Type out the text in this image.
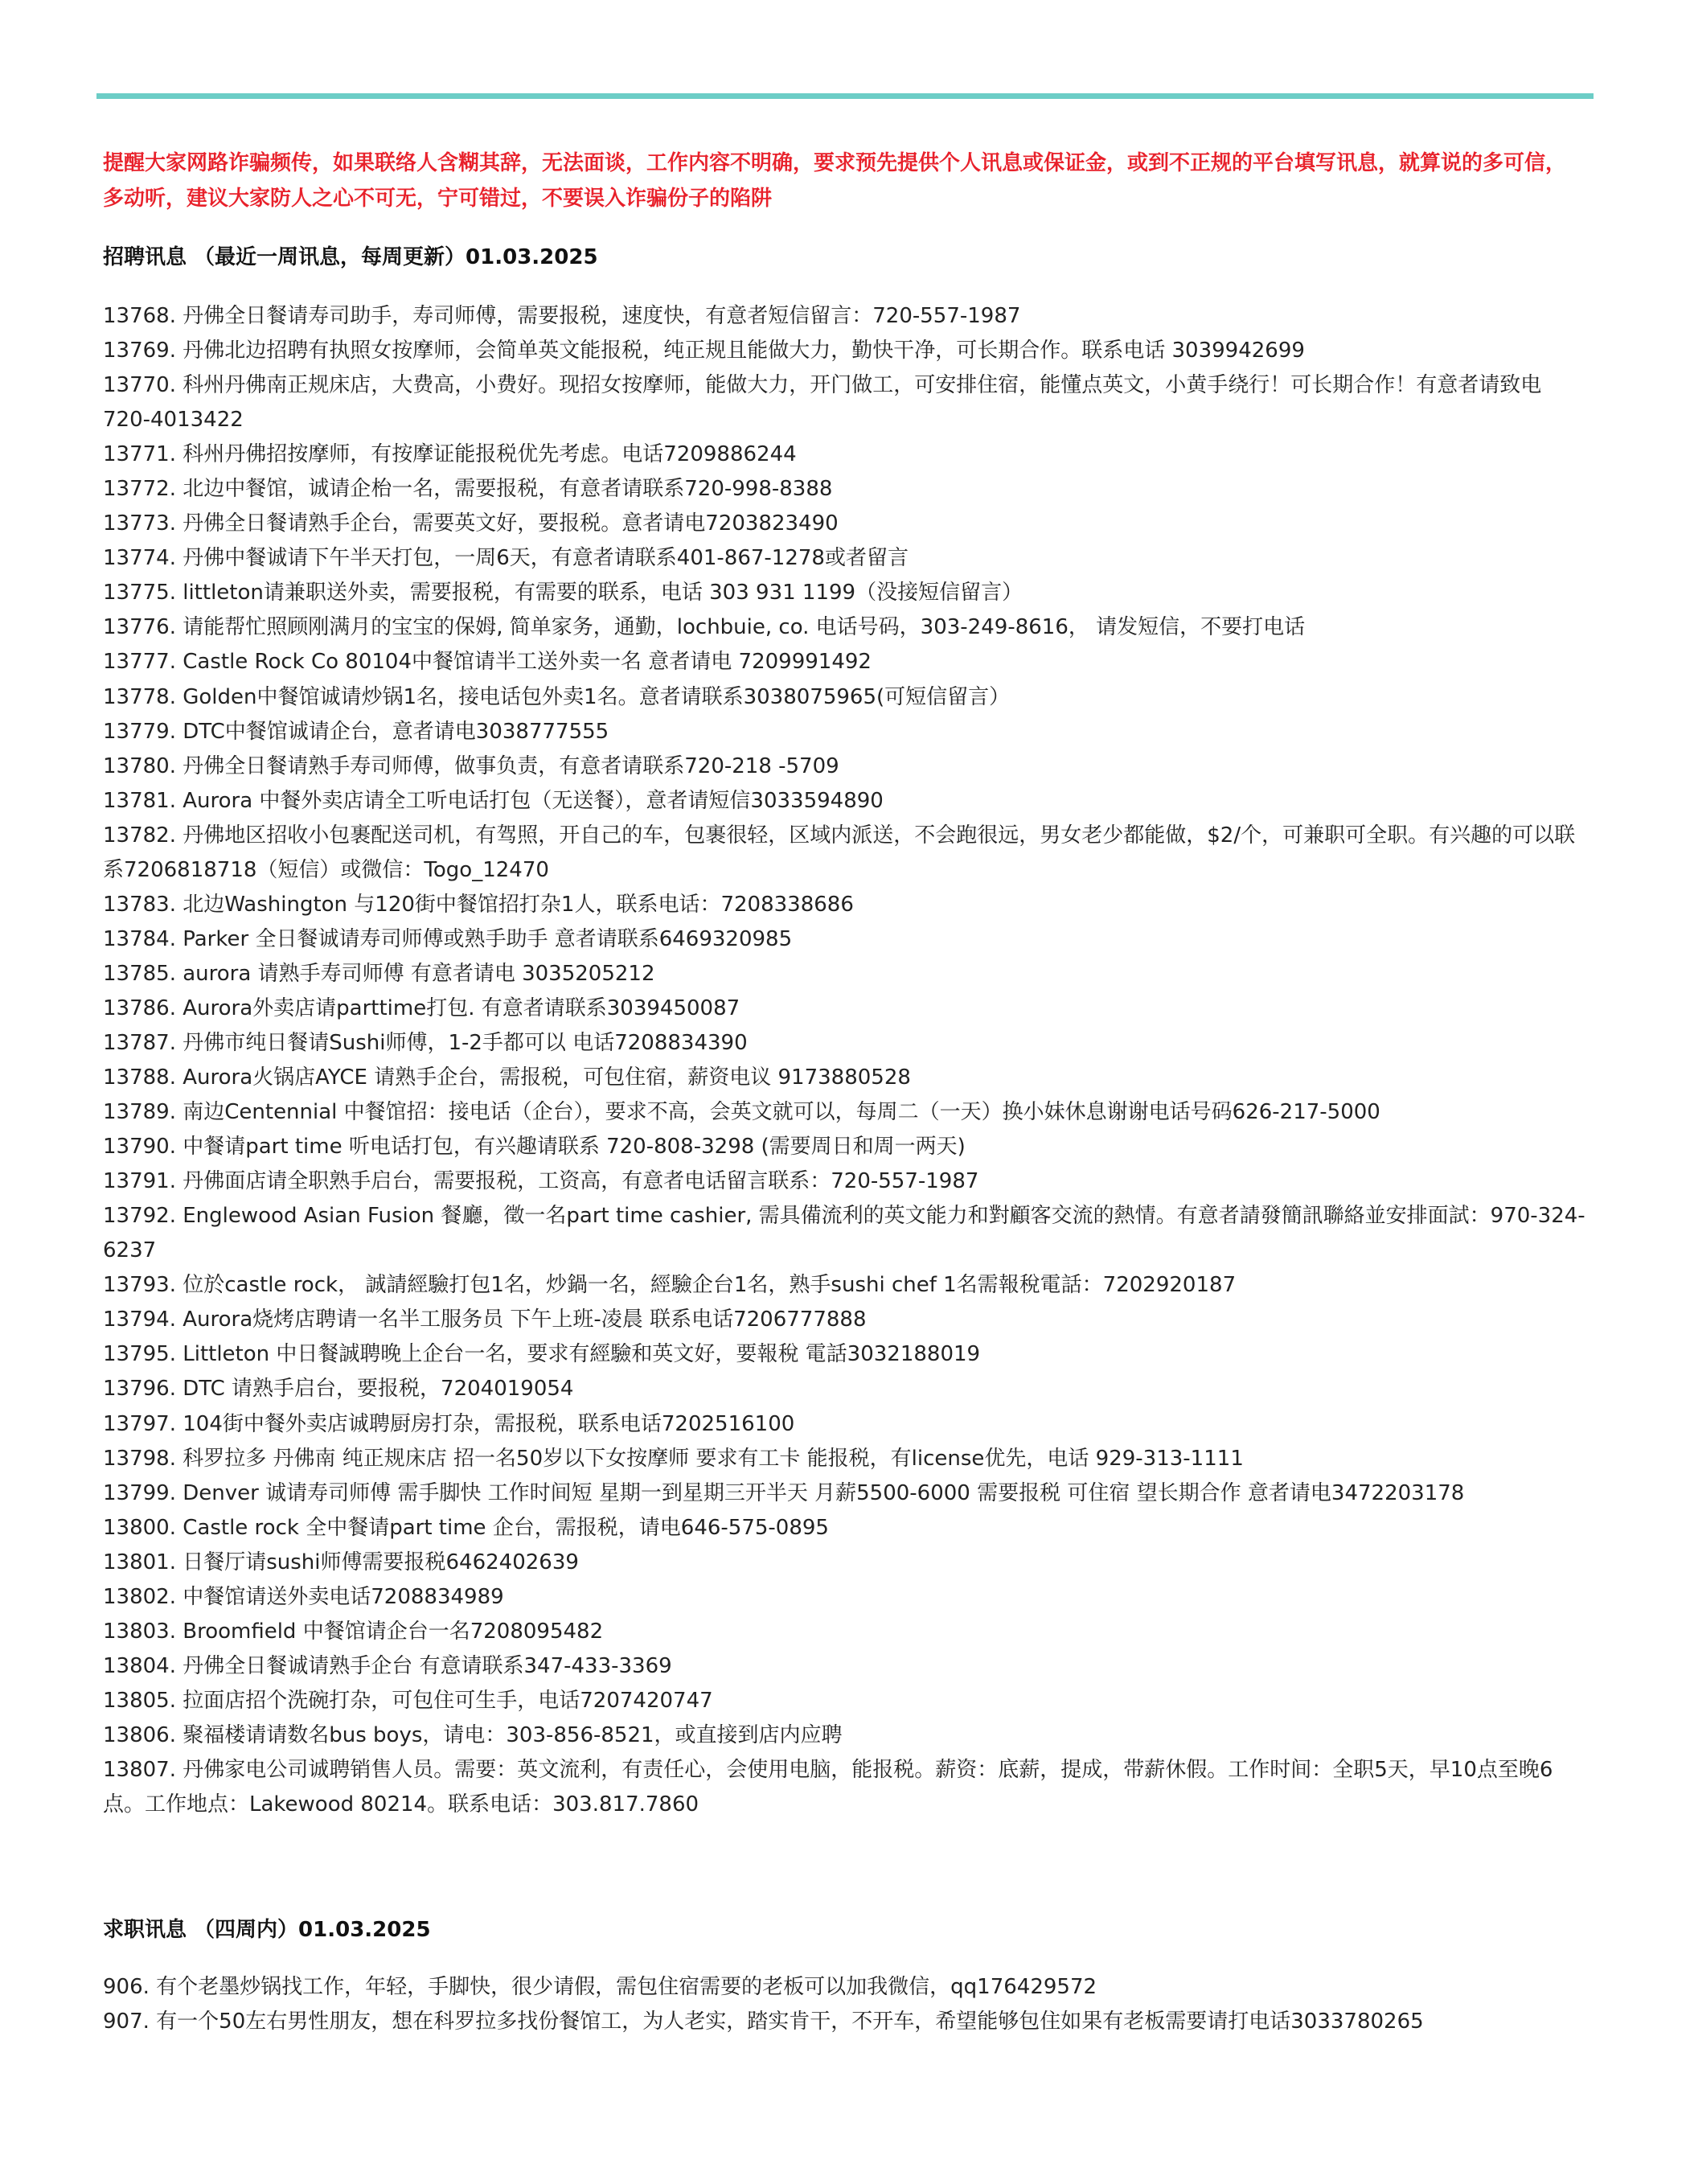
提醒大家网路诈骗频传，如果联络人含糊其辞，无法面谈，工作内容不明确，要求预先提供个人讯息或保证金，或到不正规的平台填写讯息，就算说的多可信，多动听，建议大家防人之心不可无，宁可错过，不要误入诈骗份子的陷阱

招聘讯息 （最近一周讯息，每周更新）01.03.2025
13768. 丹佛全日餐请寿司助手，寿司师傅，需要报税，速度快，有意者短信留言：720-557-1987
13769. 丹佛北边招聘有执照女按摩师，会简单英文能报税，纯正规且能做大力，勤快干净，可长期合作。联系电话 3039942699
13770. 科州丹佛南正规床店，大费高，小费好。现招女按摩师，能做大力，开门做工，可安排住宿，能懂点英文，小黄手绕行！可长期合作！有意者请致电 720-4013422
13771. 科州丹佛招按摩师，有按摩证能报税优先考虑。电话7209886244
13772. 北边中餐馆，诚请企枱一名，需要报税，有意者请联系720-998-8388
13773. 丹佛全日餐请熟手企台，需要英文好，要报税。意者请电7203823490
13774. 丹佛中餐诚请下午半天打包，一周6天，有意者请联系401-867-1278或者留言
13775. littleton请兼职送外卖，需要报税，有需要的联系，电话 303 931 1199（没接短信留言）
13776. 请能帮忙照顾刚满月的宝宝的保姆, 简单家务，通勤，lochbuie, co. 电话号码，303-249-8616， 请发短信，不要打电话
13777. Castle Rock Co 80104中餐馆请半工送外卖一名 意者请电 7209991492
13778. Golden中餐馆诚请炒锅1名，接电话包外卖1名。意者请联系3038075965(可短信留言）
13779. DTC中餐馆诚请企台，意者请电3038777555
13780. 丹佛全日餐请熟手寿司师傅，做事负责，有意者请联系720-218 -5709
13781. Aurora 中餐外卖店请全工听电话打包（无送餐），意者请短信3033594890
13782. 丹佛地区招收小包裹配送司机，有驾照，开自己的车，包裹很轻，区域内派送，不会跑很远，男女老少都能做，$2/个，可兼职可全职。有兴趣的可以联系7206818718（短信）或微信：Togo_12470
13783. 北边Washington 与120街中餐馆招打杂1人，联系电话：7208338686
13784. Parker 全日餐诚请寿司师傅或熟手助手 意者请联系6469320985
13785. aurora 请熟手寿司师傅 有意者请电 3035205212
13786. Aurora外卖店请parttime打包. 有意者请联系3039450087
13787. 丹佛市纯日餐请Sushi师傅，1-2手都可以 电话7208834390
13788. Aurora火锅店AYCE 请熟手企台，需报税，可包住宿，薪资电议 9173880528
13789. 南边Centennial 中餐馆招：接电话（企台），要求不高，会英文就可以，每周二（一天）换小妹休息谢谢电话号码626-217-5000
13790. 中餐请part time 听电话打包，有兴趣请联系 720-808-3298 (需要周日和周一两天)
13791. 丹佛面店请全职熟手启台，需要报税，工资高，有意者电话留言联系：720-557-1987
13792. Englewood Asian Fusion 餐廳，徵一名part time cashier, 需具備流利的英文能力和對顧客交流的熱情。有意者請發簡訊聯絡並安排面試：970-324-6237
13793. 位於castle rock， 誠請經驗打包1名，炒鍋一名，經驗企台1名，熟手sushi chef 1名需報稅電話：7202920187
13794. Aurora烧烤店聘请一名半工服务员 下午上班-凌晨 联系电话7206777888
13795. Littleton 中日餐誠聘晚上企台一名，要求有經驗和英文好，要報稅 電話3032188019
13796. DTC 请熟手启台，要报税，7204019054
13797. 104街中餐外卖店诚聘厨房打杂，需报税，联系电话7202516100
13798. 科罗拉多 丹佛南 纯正规床店 招一名50岁以下女按摩师 要求有工卡 能报税，有license优先，电话 929-313-1111
13799. Denver 诚请寿司师傅 需手脚快 工作时间短 星期一到星期三开半天 月薪5500-6000 需要报税 可住宿 望长期合作 意者请电3472203178
13800. Castle rock 全中餐请part time 企台，需报税，请电646-575-0895
13801. 日餐厅请sushi师傅需要报税6462402639
13802. 中餐馆请送外卖电话7208834989
13803. Broomfield 中餐馆请企台一名7208095482
13804. 丹佛全日餐诚请熟手企台 有意请联系347-433-3369
13805. 拉面店招个洗碗打杂，可包住可生手，电话7207420747
13806. 聚福楼请请数名bus boys，请电：303-856-8521，或直接到店内应聘
13807. 丹佛家电公司诚聘销售人员。需要：英文流利，有责任心，会使用电脑，能报税。薪资：底薪，提成，带薪休假。工作时间：全职5天，早10点至晚6点。工作地点：Lakewood 80214。联系电话：303.817.7860
求职讯息 （四周内）01.03.2025
906. 有个老墨炒锅找工作，年轻，手脚快，很少请假，需包住宿需要的老板可以加我微信，qq176429572
907. 有一个50左右男性朋友，想在科罗拉多找份餐馆工，为人老实，踏实肯干，不开车，希望能够包住如果有老板需要请打电话3033780265
